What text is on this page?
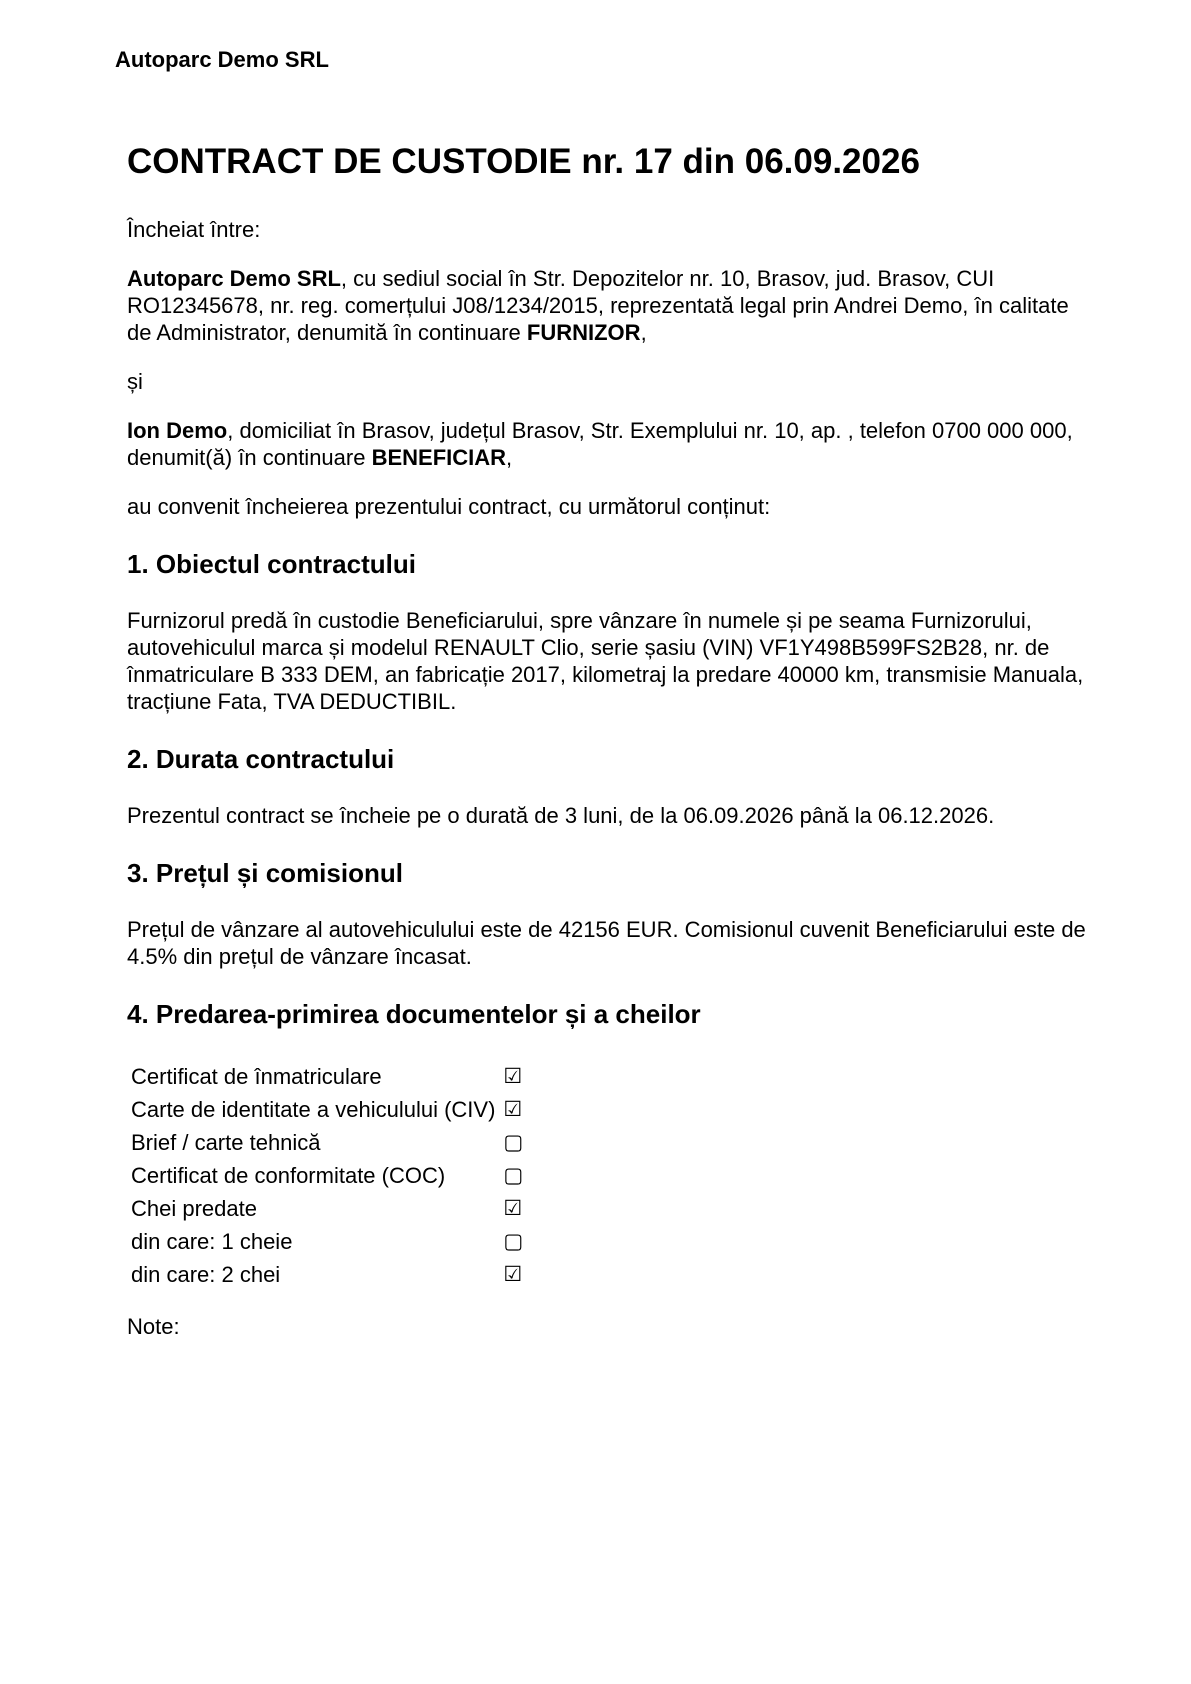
Autoparc Demo SRL
CONTRACT DE CUSTODIE nr. 17 din 06.09.2026

Încheiat între:

Autoparc Demo SRL, cu sediul social în Str. Depozitelor nr. 10, Brasov, jud. Brasov, CUI RO12345678, nr. reg. comerțului J08/1234/2015, reprezentată legal prin Andrei Demo, în calitate de Administrator, denumită în continuare FURNIZOR,

și

Ion Demo, domiciliat în Brasov, județul Brasov, Str. Exemplului nr. 10, ap. , telefon 0700 000 000, denumit(ă) în continuare BENEFICIAR,

au convenit încheierea prezentului contract, cu următorul conținut:

1. Obiectul contractului

Furnizorul predă în custodie Beneficiarului, spre vânzare în numele și pe seama Furnizorului, autovehiculul marca și modelul RENAULT Clio, serie șasiu (VIN) VF1Y498B599FS2B28, nr. de înmatriculare B 333 DEM, an fabricație 2017, kilometraj la predare 40000 km, transmisie Manuala, tracțiune Fata, TVA DEDUCTIBIL.

2. Durata contractului

Prezentul contract se încheie pe o durată de 3 luni, de la 06.09.2026 până la 06.12.2026.

3. Prețul și comisionul

Prețul de vânzare al autovehiculului este de 42156 EUR. Comisionul cuvenit Beneficiarului este de 4.5% din prețul de vânzare încasat.

4. Predarea-primirea documentelor și a cheilor
Certificat de înmatriculare	☑
Carte de identitate a vehiculului (CIV)	☑
Brief / carte tehnică	▢
Certificat de conformitate (COC)	▢
Chei predate	☑
din care: 1 cheie	▢
din care: 2 chei	☑

Note:
